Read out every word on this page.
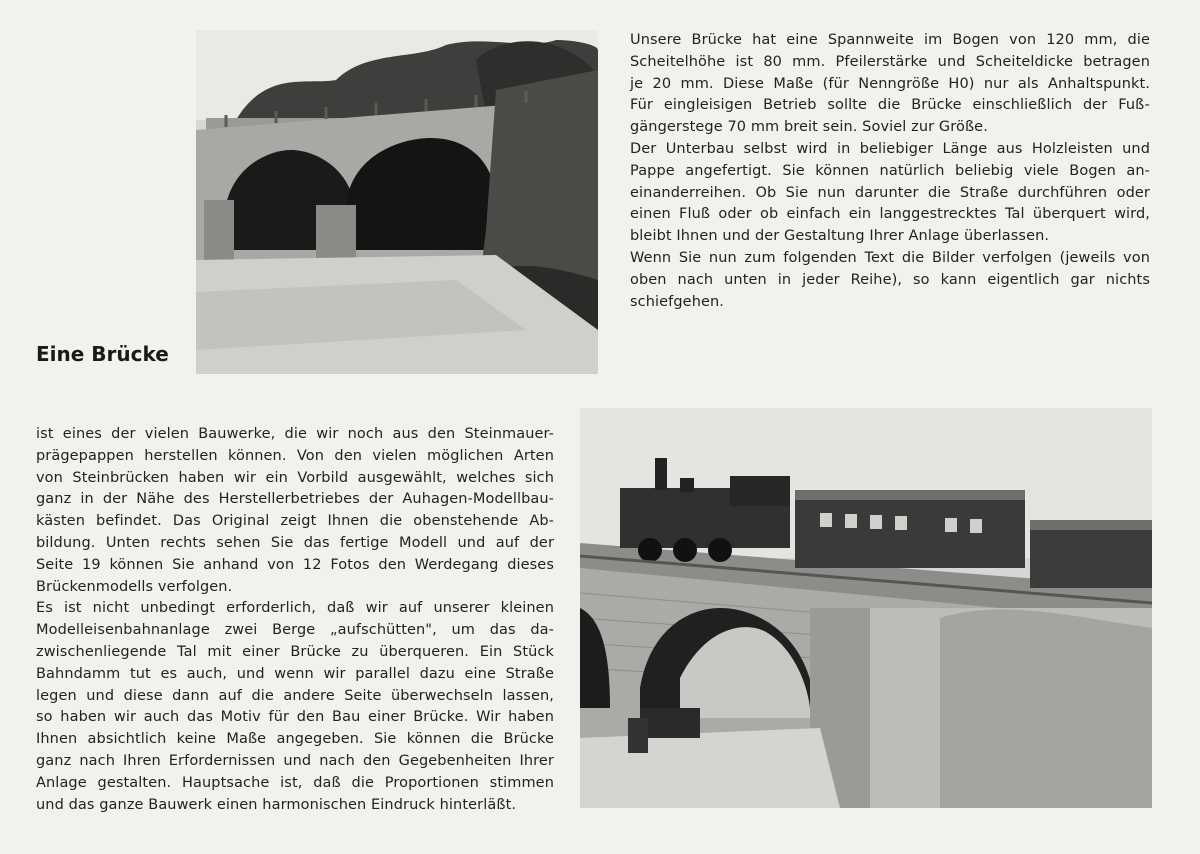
Unsere Brücke hat eine Spannweite im Bogen von 120 mm, die
Scheitelhöhe ist 80 mm. Pfeilerstärke und Scheiteldicke betragen
je 20 mm. Diese Maße (für Nenngröße H0) nur als Anhaltspunkt.
Für eingleisigen Betrieb sollte die Brücke einschließlich der Fuß-
gängerstege 70 mm breit sein. Soviel zur Größe.
Der Unterbau selbst wird in beliebiger Länge aus Holzleisten und
Pappe angefertigt. Sie können natürlich beliebig viele Bogen an-
einanderreihen. Ob Sie nun darunter die Straße durchführen oder
einen Fluß oder ob einfach ein langgestrecktes Tal überquert wird,
bleibt Ihnen und der Gestaltung Ihrer Anlage überlassen.
Wenn Sie nun zum folgenden Text die Bilder verfolgen (jeweils von
oben nach unten in jeder Reihe), so kann eigentlich gar nichts
schiefgehen.
Eine Brücke
ist eines der vielen Bauwerke, die wir noch aus den Steinmauer-
prägepappen herstellen können. Von den vielen möglichen Arten
von Steinbrücken haben wir ein Vorbild ausgewählt, welches sich
ganz in der Nähe des Herstellerbetriebes der Auhagen-Modellbau-
kästen befindet. Das Original zeigt Ihnen die obenstehende Ab-
bildung. Unten rechts sehen Sie das fertige Modell und auf der
Seite 19 können Sie anhand von 12 Fotos den Werdegang dieses
Brückenmodells verfolgen.
Es ist nicht unbedingt erforderlich, daß wir auf unserer kleinen
Modelleisenbahnanlage zwei Berge „aufschütten", um das da-
zwischenliegende Tal mit einer Brücke zu überqueren. Ein Stück
Bahndamm tut es auch, und wenn wir parallel dazu eine Straße
legen und diese dann auf die andere Seite überwechseln lassen,
so haben wir auch das Motiv für den Bau einer Brücke. Wir haben
Ihnen absichtlich keine Maße angegeben. Sie können die Brücke
ganz nach Ihren Erfordernissen und nach den Gegebenheiten Ihrer
Anlage gestalten. Hauptsache ist, daß die Proportionen stimmen
und das ganze Bauwerk einen harmonischen Eindruck hinterläßt.
